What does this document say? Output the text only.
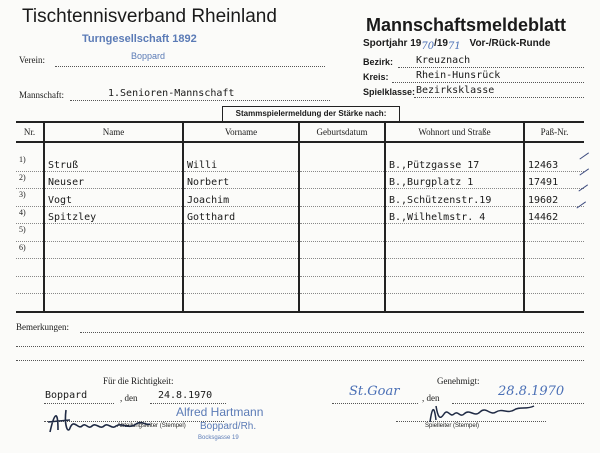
Tischtennisverband Rheinland	Mannschaftsmeldeblatt
Sportjahr 1970/1971 Vor-/Rück-Runde
Verein:
Turngesellschaft 1892
Boppard
Mannschaft:	1.Senioren-Mannschaft
Bezirk: Kreuznach
Kreis:	Rhein-Hunsrück
Spielklasse: Bezirksklasse
Stammspielermeldung der Stärke nach:
Nr.	Name	Vorname	Geburtsdatum	Wohnort und Straße	Paß-Nr.

1)	Struß	Willi		B.,Pützgasse 17	12463
2)	Neuser	Norbert		B.,Burgplatz 1	17491
3)	Vogt	Joachim		B.,Schützenstr.19	19602
4)	Spitzley	Gotthard		B.,Wilhelmstr. 4	14462
5)					
6)					

Bemerkungen:
Für die Richtigkeit:
Boppard	, den 24.8.1970
Alfred Hartmann
Boppard/Rh.
Bocksgasse 19
Abteilungsleiter (Stempel)
Genehmigt:
St.Goar	, den	28.8.1970
Spielleiter (Stempel)
